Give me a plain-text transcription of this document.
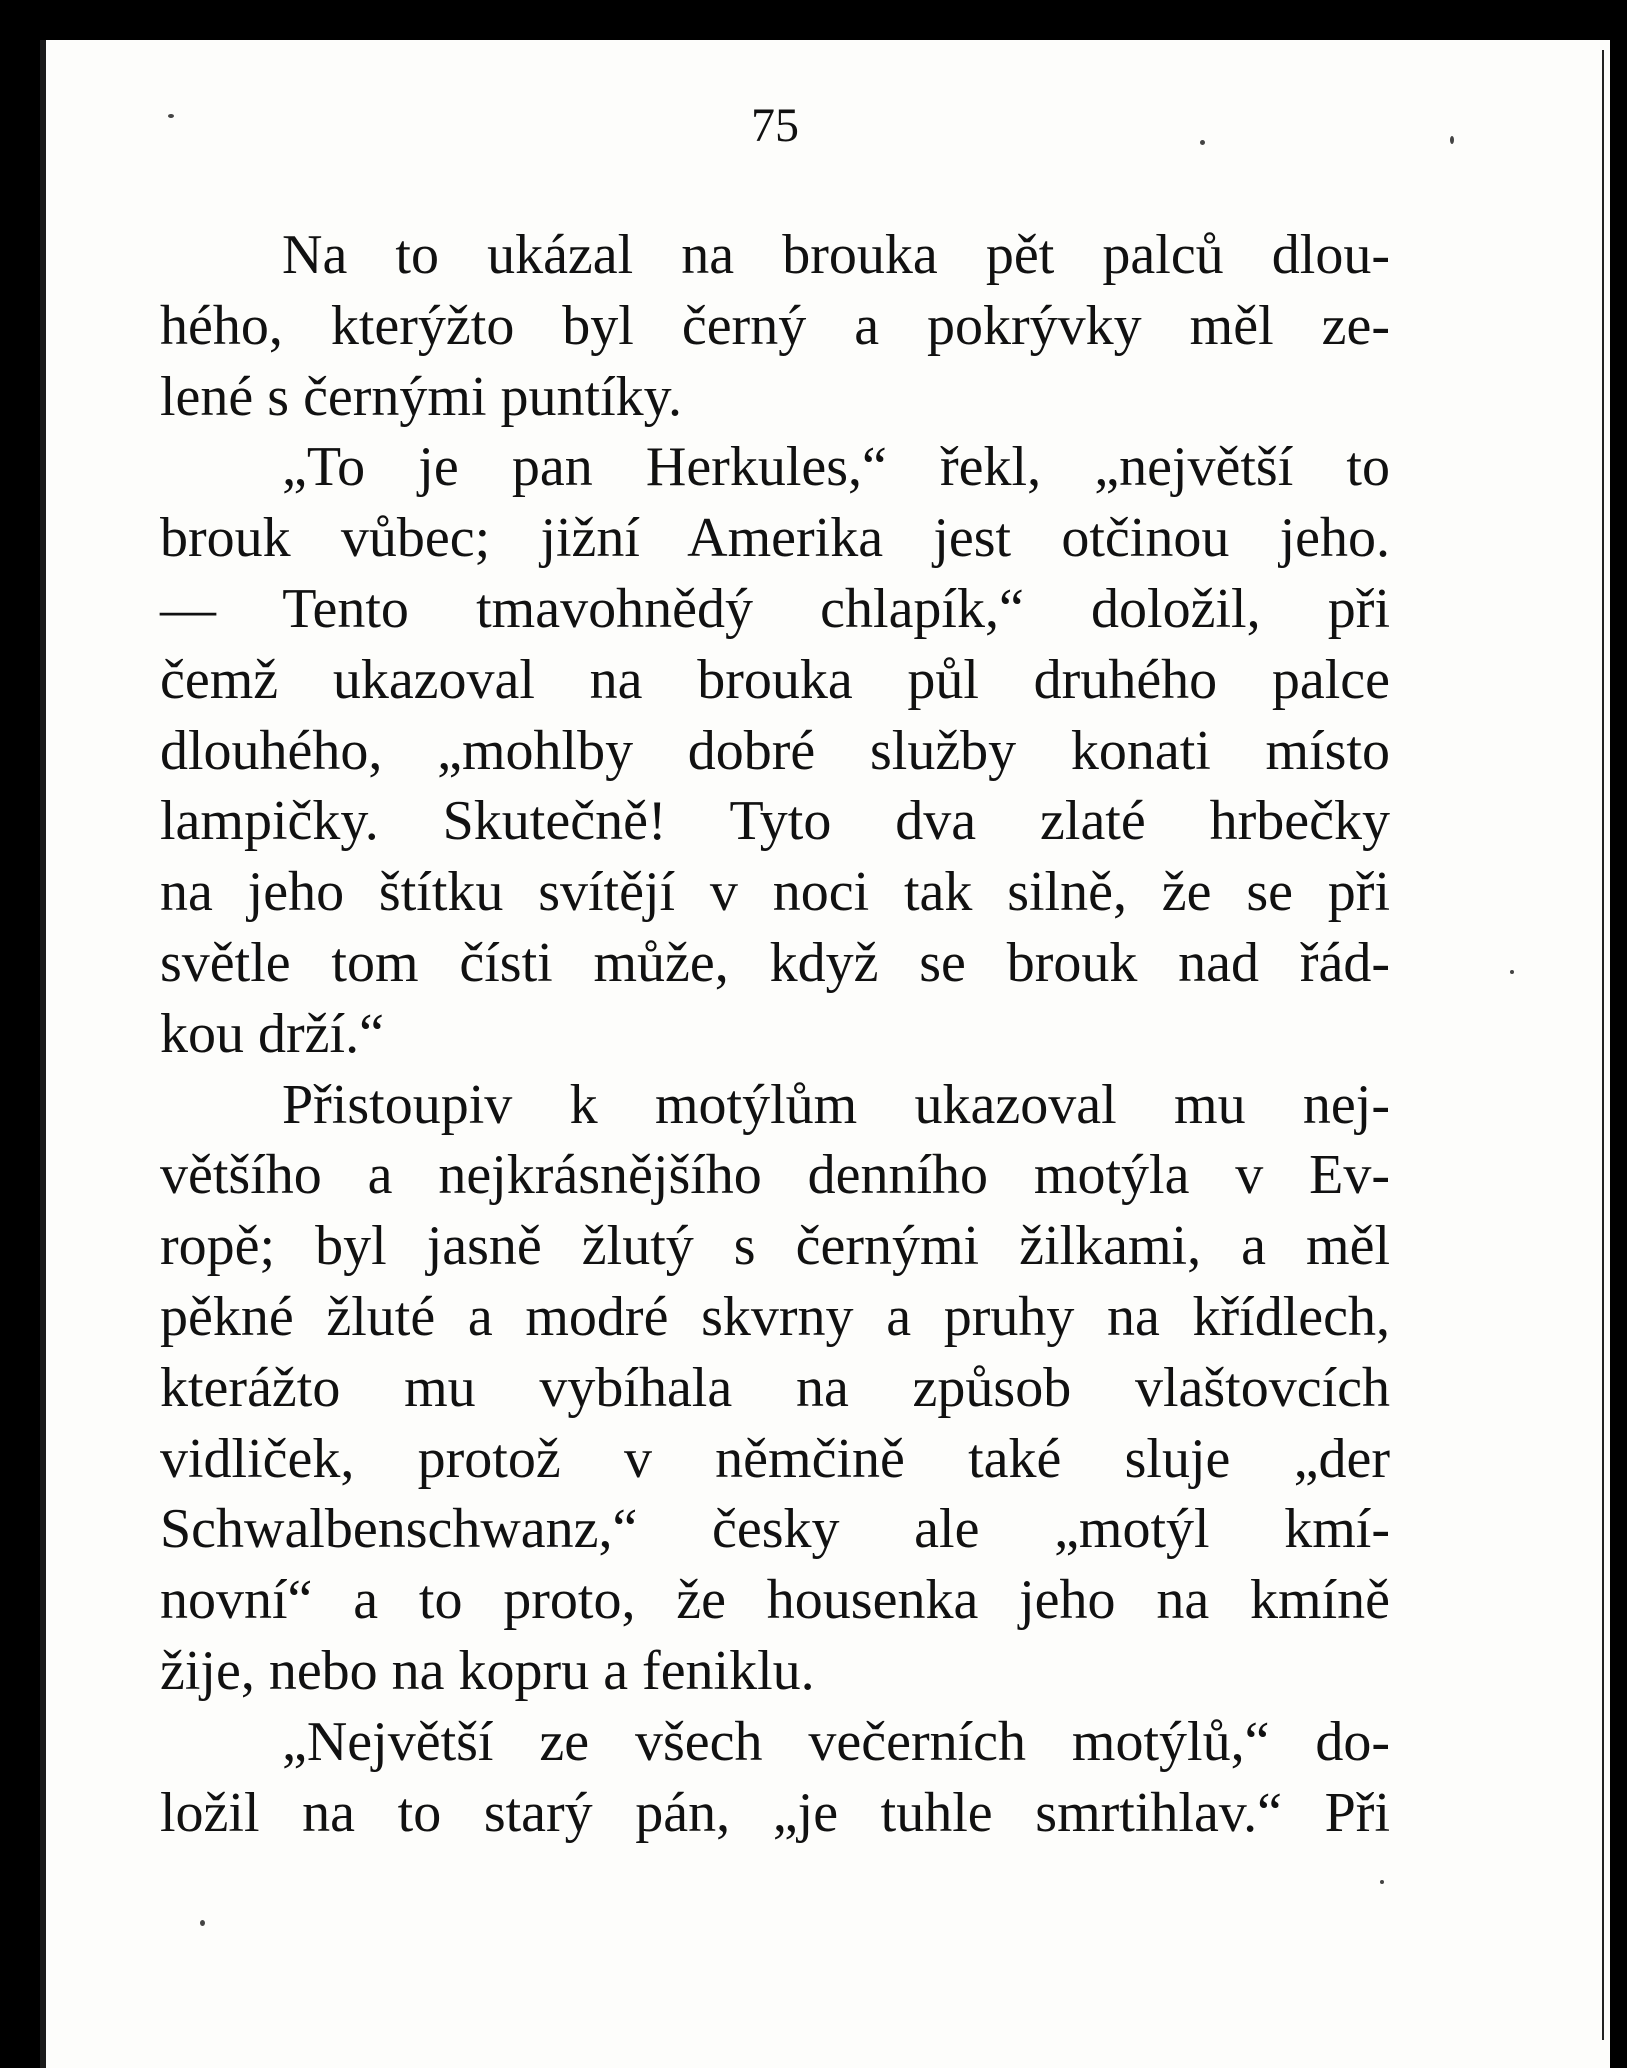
75
Na to ukázal na brouka pět palců dlou-
hého, kterýžto byl černý a pokrývky měl ze-
lené s černými puntíky.
„To je pan Herkules,“ řekl, „největší to
brouk vůbec; jižní Amerika jest otčinou jeho.
— Tento tmavohnědý chlapík,“ doložil, při
čemž ukazoval na brouka půl druhého palce
dlouhého, „mohlby dobré služby konati místo
lampičky. Skutečně! Tyto dva zlaté hrbečky
na jeho štítku svítějí v noci tak silně, že se při
světle tom čísti může, když se brouk nad řád-
kou drží.“
Přistoupiv k motýlům ukazoval mu nej-
většího a nejkrásnějšího denního motýla v Ev-
ropě; byl jasně žlutý s černými žilkami, a měl
pěkné žluté a modré skvrny a pruhy na křídlech,
kterážto mu vybíhala na způsob vlaštovcích
vidliček, protož v němčině také sluje „der
Schwalbenschwanz,“ česky ale „motýl kmí-
novní“ a to proto, že housenka jeho na kmíně
žije, nebo na kopru a feniklu.
„Největší ze všech večerních motýlů,“ do-
ložil na to starý pán, „je tuhle smrtihlav.“ Při
